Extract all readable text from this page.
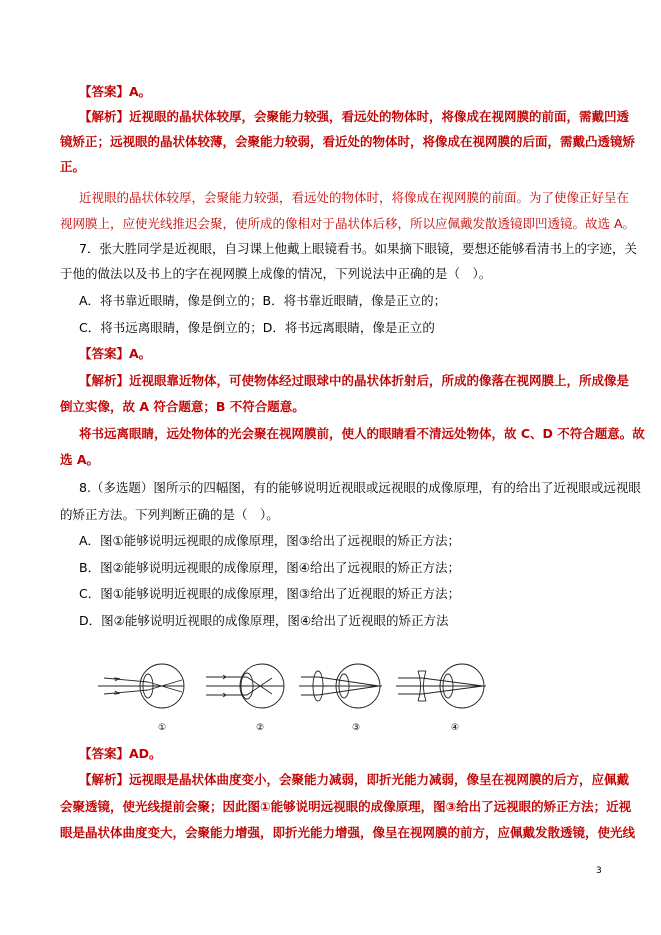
【答案】A。
【解析】近视眼的晶状体较厚，会聚能力较强，看远处的物体时，将像成在视网膜的前面，需戴凹透
镜矫正；远视眼的晶状体较薄，会聚能力较弱，看近处的物体时，将像成在视网膜的后面，需戴凸透镜矫
正。
近视眼的晶状体较厚，会聚能力较强，看远处的物体时，将像成在视网膜的前面。为了使像正好呈在
视网膜上，应使光线推迟会聚，使所成的像相对于晶状体后移，所以应佩戴发散透镜即凹透镜。故选 A。
7．张大胜同学是近视眼，自习课上他戴上眼镜看书。如果摘下眼镜，要想还能够看清书上的字迹，关
于他的做法以及书上的字在视网膜上成像的情况，下列说法中正确的是（　）。
A．将书靠近眼睛，像是倒立的；B．将书靠近眼睛，像是正立的；
C．将书远离眼睛，像是倒立的；D．将书远离眼睛，像是正立的
【答案】A。
【解析】近视眼靠近物体，可使物体经过眼球中的晶状体折射后，所成的像落在视网膜上，所成像是
倒立实像，故 A 符合题意；B 不符合题意。
将书远离眼睛，远处物体的光会聚在视网膜前，使人的眼睛看不清远处物体，故 C、D 不符合题意。故
选 A。
8.（多选题）图所示的四幅图，有的能够说明近视眼或远视眼的成像原理，有的给出了近视眼或远视眼
的矫正方法。下列判断正确的是（　）。
A．图①能够说明远视眼的成像原理，图③给出了远视眼的矫正方法；
B．图②能够说明远视眼的成像原理，图④给出了远视眼的矫正方法；
C．图①能够说明近视眼的成像原理，图③给出了近视眼的矫正方法；
D．图②能够说明近视眼的成像原理，图④给出了近视眼的矫正方法
①	②	③	④
【答案】AD。
【解析】远视眼是晶状体曲度变小，会聚能力减弱，即折光能力减弱，像呈在视网膜的后方，应佩戴
会聚透镜，使光线提前会聚；因此图①能够说明远视眼的成像原理，图③给出了远视眼的矫正方法；近视
眼是晶状体曲度变大，会聚能力增强，即折光能力增强，像呈在视网膜的前方，应佩戴发散透镜，使光线
3
